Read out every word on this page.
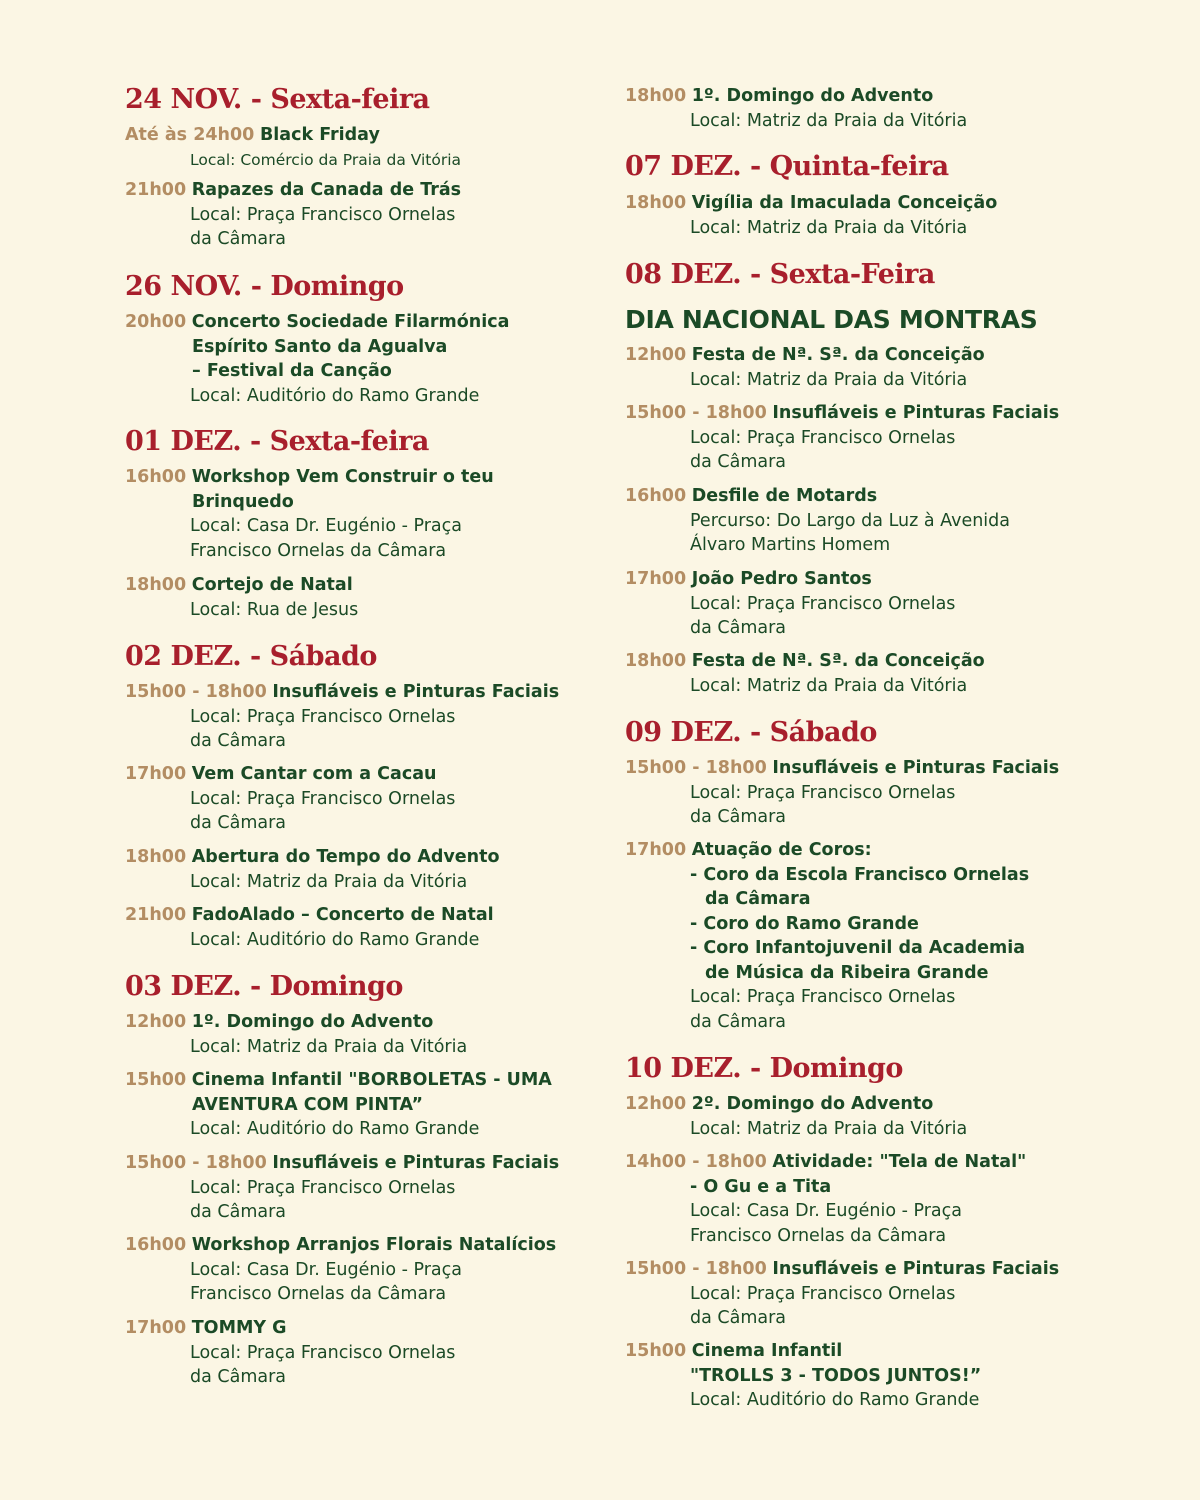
24 NOV. - Sexta-feira
Até às 24h00 Black Friday
Local: Comércio da Praia da Vitória
21h00 Rapazes da Canada de Trás
Local: Praça Francisco Ornelas
da Câmara
26 NOV. - Domingo
20h00 Concerto Sociedade Filarmónica
Espírito Santo da Agualva
– Festival da Canção
Local: Auditório do Ramo Grande
01 DEZ. - Sexta-feira
16h00 Workshop Vem Construir o teu
Brinquedo
Local: Casa Dr. Eugénio - Praça
Francisco Ornelas da Câmara
18h00 Cortejo de Natal
Local: Rua de Jesus
02 DEZ. - Sábado
15h00 - 18h00 Insufláveis e Pinturas Faciais
Local: Praça Francisco Ornelas
da Câmara
17h00 Vem Cantar com a Cacau
Local: Praça Francisco Ornelas
da Câmara
18h00 Abertura do Tempo do Advento
Local: Matriz da Praia da Vitória
21h00 FadoAlado – Concerto de Natal
Local: Auditório do Ramo Grande
03 DEZ. - Domingo
12h00 1º. Domingo do Advento
Local: Matriz da Praia da Vitória
15h00 Cinema Infantil "BORBOLETAS - UMA
AVENTURA COM PINTA”
Local: Auditório do Ramo Grande
15h00 - 18h00 Insufláveis e Pinturas Faciais
Local: Praça Francisco Ornelas
da Câmara
16h00 Workshop Arranjos Florais Natalícios
Local: Casa Dr. Eugénio - Praça
Francisco Ornelas da Câmara
17h00 TOMMY G
Local: Praça Francisco Ornelas
da Câmara
18h00 1º. Domingo do Advento
Local: Matriz da Praia da Vitória
07 DEZ. - Quinta-feira
18h00 Vigília da Imaculada Conceição
Local: Matriz da Praia da Vitória
08 DEZ. - Sexta-Feira
DIA NACIONAL DAS MONTRAS
12h00 Festa de Nª. Sª. da Conceição
Local: Matriz da Praia da Vitória
15h00 - 18h00 Insufláveis e Pinturas Faciais
Local: Praça Francisco Ornelas
da Câmara
16h00 Desfile de Motards
Percurso: Do Largo da Luz à Avenida
Álvaro Martins Homem
17h00 João Pedro Santos
Local: Praça Francisco Ornelas
da Câmara
18h00 Festa de Nª. Sª. da Conceição
Local: Matriz da Praia da Vitória
09 DEZ. - Sábado
15h00 - 18h00 Insufláveis e Pinturas Faciais
Local: Praça Francisco Ornelas
da Câmara
17h00 Atuação de Coros:
- Coro da Escola Francisco Ornelas
da Câmara
- Coro do Ramo Grande
- Coro Infantojuvenil da Academia
de Música da Ribeira Grande
Local: Praça Francisco Ornelas
da Câmara
10 DEZ. - Domingo
12h00 2º. Domingo do Advento
Local: Matriz da Praia da Vitória
14h00 - 18h00 Atividade: "Tela de Natal"
- O Gu e a Tita
Local: Casa Dr. Eugénio - Praça
Francisco Ornelas da Câmara
15h00 - 18h00 Insufláveis e Pinturas Faciais
Local: Praça Francisco Ornelas
da Câmara
15h00 Cinema Infantil
"TROLLS 3 - TODOS JUNTOS!”
Local: Auditório do Ramo Grande
